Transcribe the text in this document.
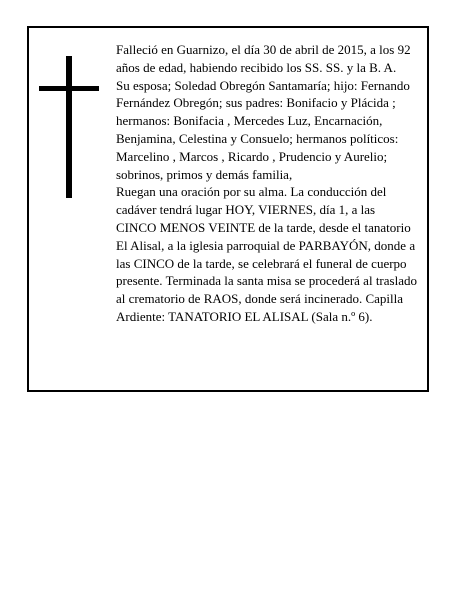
Falleció en Guarnizo, el día 30 de abril de 2015, a los 92 años de edad, habiendo recibido los SS. SS. y la B. A.

Su esposa; Soledad Obregón Santamaría; hijo: Fernando Fernández Obregón; sus padres: Bonifacio y Plácida ; hermanos: Bonifacia , Mercedes Luz, Encarnación, Benjamina, Celestina y Consuelo; hermanos políticos: Marcelino , Marcos , Ricardo , Prudencio y Aurelio; sobrinos, primos y demás familia,

Ruegan una oración por su alma. La conducción del cadáver tendrá lugar HOY, VIERNES, día 1, a las CINCO MENOS VEINTE de la tarde, desde el tanatorio El Alisal, a la iglesia parroquial de PARBAYÓN, donde a las CINCO de la tarde, se celebrará el funeral de cuerpo presente. Terminada la santa misa se procederá al traslado al crematorio de RAOS, donde será incinerado. Capilla Ardiente: TANATORIO EL ALISAL (Sala n.º 6).
